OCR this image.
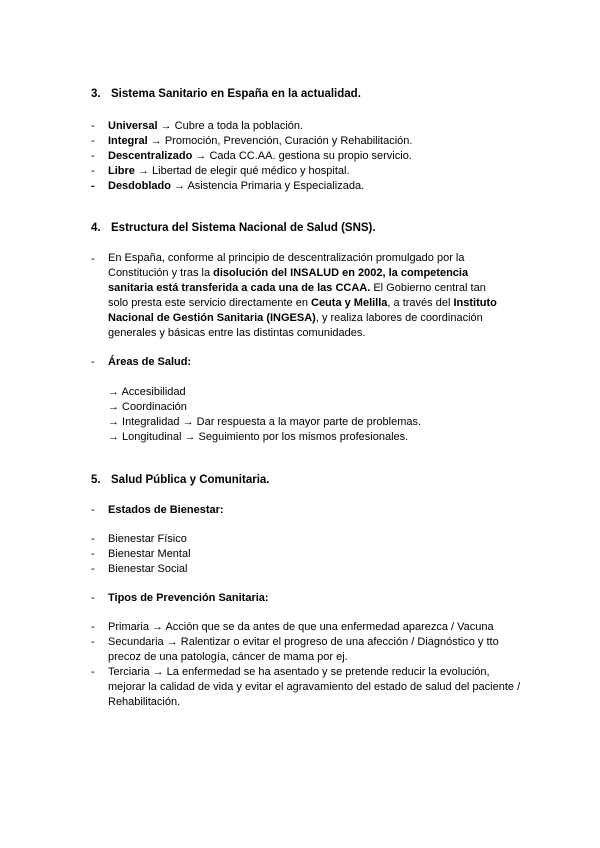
3. Sistema Sanitario en España en la actualidad.
- Universal → Cubre a toda la población.
- Integral → Promoción, Prevención, Curación y Rehabilitación.
- Descentralizado → Cada CC.AA. gestiona su propio servicio.
- Libre → Libertad de elegir qué médico y hospital.
- Desdoblado → Asistencia Primaria y Especializada.
4. Estructura del Sistema Nacional de Salud (SNS).
- En España, conforme al principio de descentralización promulgado por la Constitución y tras la disolución del INSALUD en 2002, la competencia sanitaria está transferida a cada una de las CCAA. El Gobierno central tan solo presta este servicio directamente en Ceuta y Melilla, a través del Instituto Nacional de Gestión Sanitaria (INGESA), y realiza labores de coordinación generales y básicas entre las distintas comunidades.
- Áreas de Salud:
→ Accesibilidad
→ Coordinación
→ Integralidad → Dar respuesta a la mayor parte de problemas.
→ Longitudinal → Seguimiento por los mismos profesionales.
5. Salud Pública y Comunitaria.
- Estados de Bienestar:
- Bienestar Físico
- Bienestar Mental
- Bienestar Social
- Tipos de Prevención Sanitaria:
- Primaria → Acción que se da antes de que una enfermedad aparezca / Vacuna
- Secundaria → Ralentizar o evitar el progreso de una afección / Diagnóstico y tto
precoz de una patología, cáncer de mama por ej.
- Terciaria → La enfermedad se ha asentado y se pretende reducir la evolución,
mejorar la calidad de vida y evitar el agravamiento del estado de salud del paciente /
Rehabilitación.
